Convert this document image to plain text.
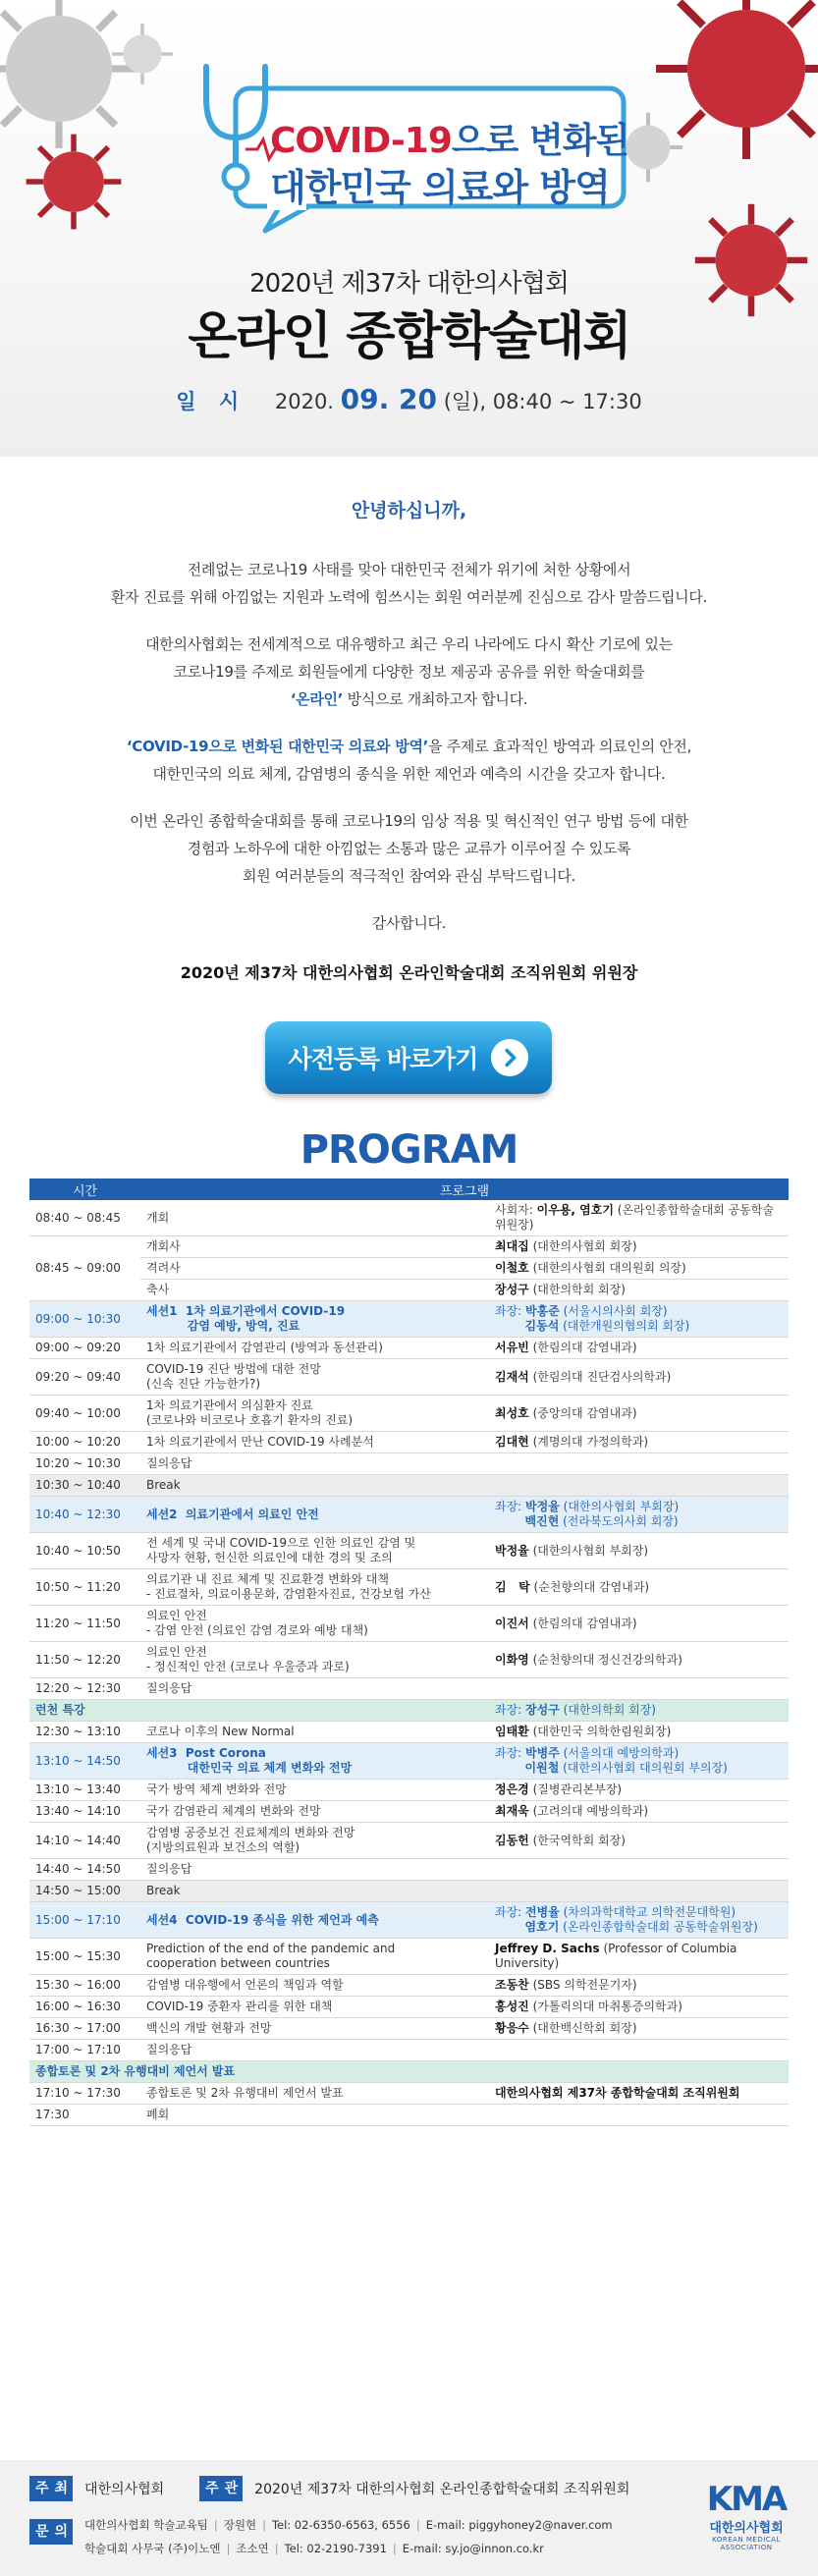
COVID-19으로 변화된
대한민국 의료와 방역
2020년 제37차 대한의사협회
온라인 종합학술대회
일 시 2020. 09. 20 (일), 08:40 ~ 17:30
안녕하십니까,

전례없는 코로나19 사태를 맞아 대한민국 전체가 위기에 처한 상황에서
환자 진료를 위해 아낌없는 지원과 노력에 힘쓰시는 회원 여러분께 진심으로 감사 말씀드립니다.

대한의사협회는 전세계적으로 대유행하고 최근 우리 나라에도 다시 확산 기로에 있는
코로나19를 주제로 회원들에게 다양한 정보 제공과 공유를 위한 학술대회를
‘온라인’ 방식으로 개최하고자 합니다.

‘COVID-19으로 변화된 대한민국 의료와 방역’을 주제로 효과적인 방역과 의료인의 안전,
대한민국의 의료 체계, 감염병의 종식을 위한 제언과 예측의 시간을 갖고자 합니다.

이번 온라인 종합학술대회를 통해 코로나19의 임상 적용 및 혁신적인 연구 방법 등에 대한
경험과 노하우에 대한 아낌없는 소통과 많은 교류가 이루어질 수 있도록
회원 여러분들의 적극적인 참여와 관심 부탁드립니다.

감사합니다.

2020년 제37차 대한의사협회 온라인학술대회 조직위원회 위원장
사전등록 바로가기
PROGRAM
시간	프로그램	
08:40 ~ 08:45	개회	사회자: 이우용, 염호기 (온라인종합학술대회 공동학술위원장)
08:45 ~ 09:00	개회사	최대집 (대한의사협회 회장)
	격려사	이철호 (대한의사협회 대의원회 의장)
	축사	장성구 (대한의학회 회장)
09:00 ~ 10:30	세션1  1차 의료기관에서 COVID-19
감염 예방, 방역, 진료	좌장: 박홍준 (서울시의사회 회장)
김동석 (대한개원의협의회 회장)
09:00 ~ 09:20	1차 의료기관에서 감염관리 (방역과 동선관리)	서유빈 (한림의대 감염내과)
09:20 ~ 09:40	COVID-19 진단 방법에 대한 전망
(신속 진단 가능한가?)	김재석 (한림의대 진단검사의학과)
09:40 ~ 10:00	1차 의료기관에서 의심환자 진료
(코로나와 비코로나 호흡기 환자의 진료)	최성호 (중앙의대 감염내과)
10:00 ~ 10:20	1차 의료기관에서 만난 COVID-19 사례분석	김대현 (계명의대 가정의학과)
10:20 ~ 10:30	질의응답	
10:30 ~ 10:40	Break	
10:40 ~ 12:30	세션2  의료기관에서 의료인 안전	좌장: 박정율 (대한의사협회 부회장)
백진현 (전라북도의사회 회장)
10:40 ~ 10:50	전 세계 및 국내 COVID-19으로 인한 의료인 감염 및
사망자 현황, 헌신한 의료인에 대한 경의 및 조의	박정율 (대한의사협회 부회장)
10:50 ~ 11:20	의료기관 내 진료 체계 및 진료환경 변화와 대책
- 진료절차, 의료이용문화, 감염환자진료, 건강보험 가산	김   탁 (순천향의대 감염내과)
11:20 ~ 11:50	의료인 안전
- 감염 안전 (의료인 감염 경로와 예방 대책)	이진서 (한림의대 감염내과)
11:50 ~ 12:20	의료인 안전
- 정신적인 안전 (코로나 우울증과 과로)	이화영 (순천향의대 정신건강의학과)
12:20 ~ 12:30	질의응답	
런천 특강		좌장: 장성구 (대한의학회 회장)
12:30 ~ 13:10	코로나 이후의 New Normal	임태환 (대한민국 의학한림원회장)
13:10 ~ 14:50	세션3  Post Corona
대한민국 의료 체계 변화와 전망	좌장: 박병주 (서울의대 예방의학과)
이원철 (대한의사협회 대의원회 부의장)
13:10 ~ 13:40	국가 방역 체계 변화와 전망	정은경 (질병관리본부장)
13:40 ~ 14:10	국가 감염관리 체계의 변화와 전망	최재욱 (고려의대 예방의학과)
14:10 ~ 14:40	감염병 공중보건 진료체계의 변화와 전망
(지방의료원과 보건소의 역할)	김동헌 (한국역학회 회장)
14:40 ~ 14:50	질의응답	
14:50 ~ 15:00	Break	
15:00 ~ 17:10	세션4  COVID-19 종식을 위한 제언과 예측	좌장: 전병율 (차의과학대학교 의학전문대학원)
염호기 (온라인종합학술대회 공동학술위원장)
15:00 ~ 15:30	Prediction of the end of the pandemic and
cooperation between countries	Jeffrey D. Sachs (Professor of Columbia University)
15:30 ~ 16:00	감염병 대유행에서 언론의 책임과 역할	조동찬 (SBS 의학전문기자)
16:00 ~ 16:30	COVID-19 중환자 관리를 위한 대책	홍성진 (가톨릭의대 마취통증의학과)
16:30 ~ 17:00	백신의 개발 현황과 전망	황응수 (대한백신학회 회장)
17:00 ~ 17:10	질의응답	
종합토론 및 2차 유행대비 제언서 발표		
17:10 ~ 17:30	종합토론 및 2차 유행대비 제언서 발표	대한의사협회 제37차 종합학술대회 조직위원회
17:30	폐회	
주최 대한의사협회	주관 2020년 제37차 대한의사협회 온라인종합학술대회 조직위원회
문의 대한의사협회 학술교육팀 | 장원현 | Tel: 02-6350-6563, 6556 | E-mail: piggyhoney2@naver.com
학술대회 사무국 (주)이노엔 | 조소연 | Tel: 02-2190-7391 | E-mail: sy.jo@innon.co.kr
KMA
대한의사협회
KOREAN MEDICAL ASSOCIATION
